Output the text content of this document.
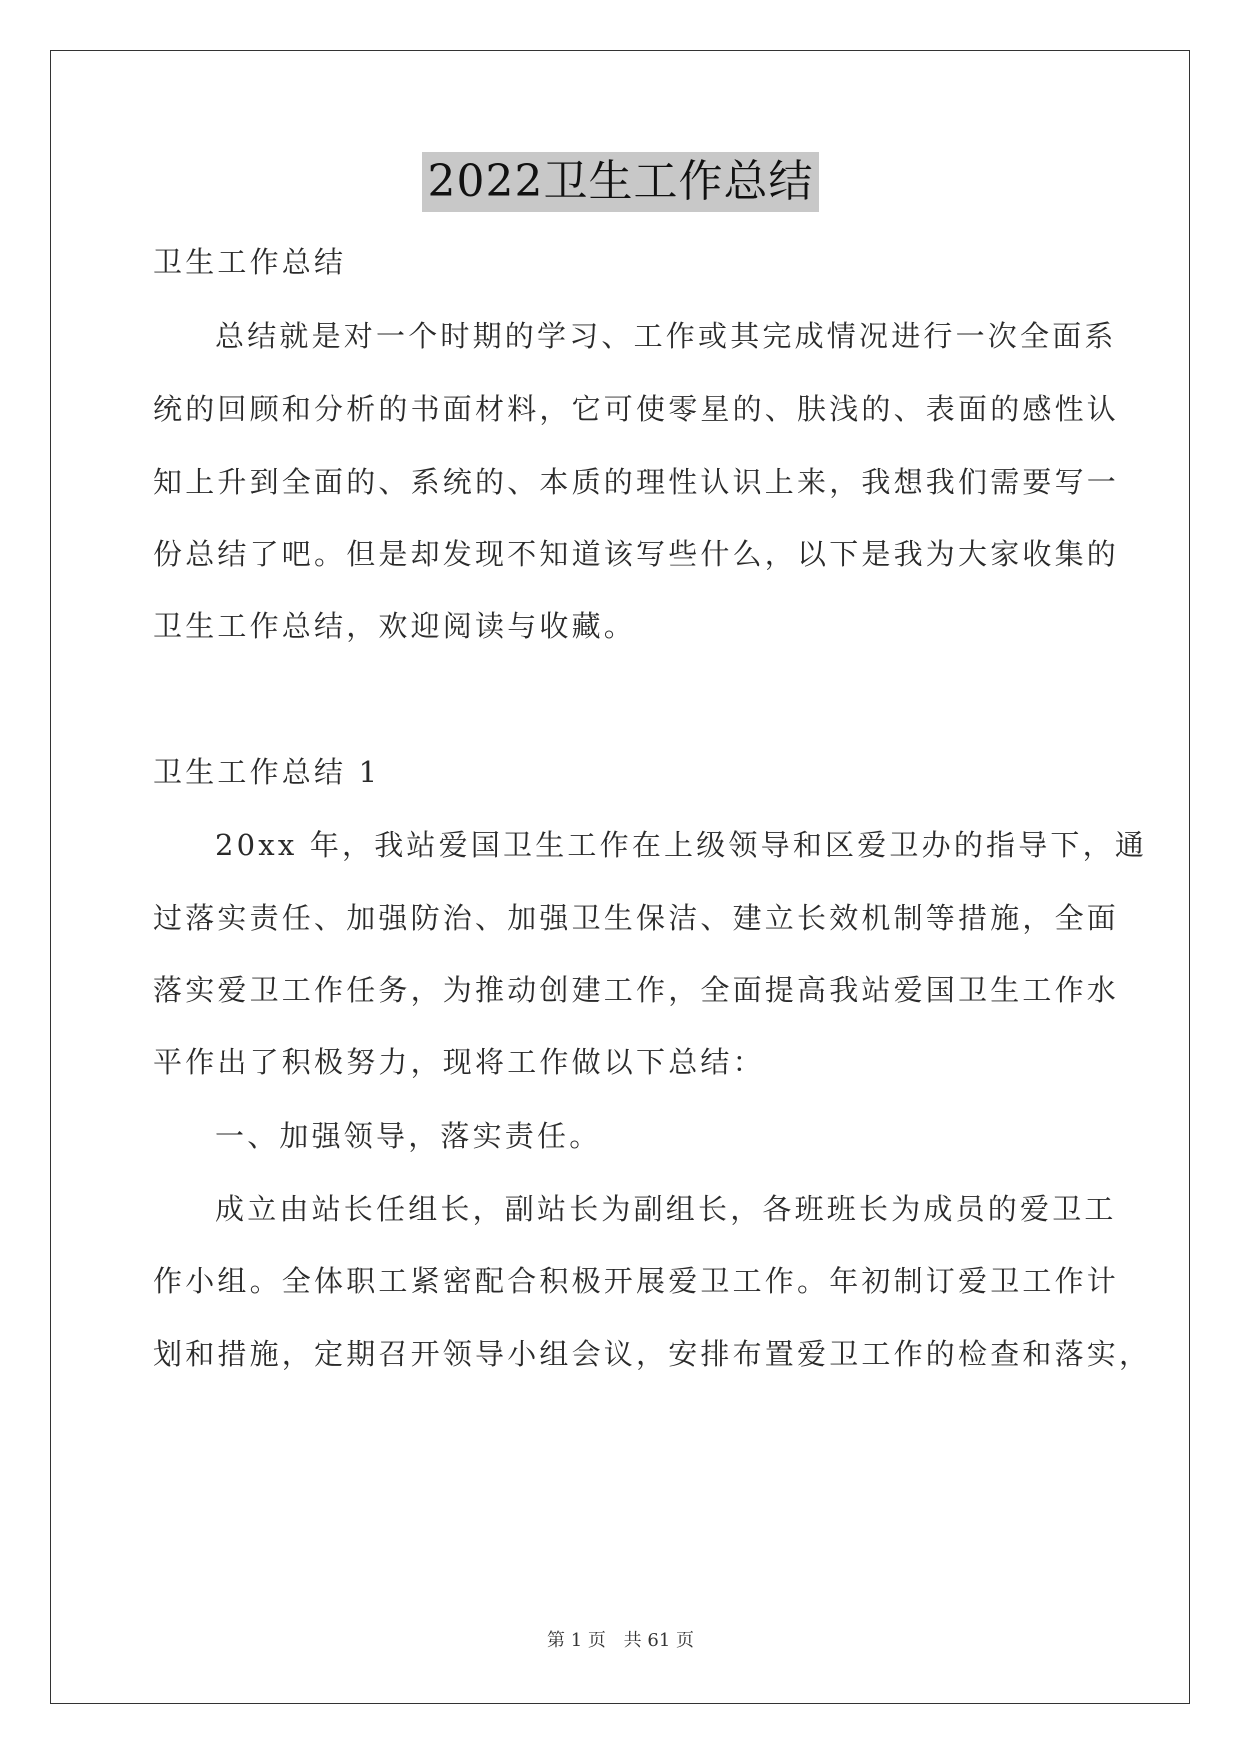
2022卫生工作总结
卫生工作总结
总结就是对一个时期的学习、工作或其完成情况进行一次全面系
统的回顾和分析的书面材料，它可使零星的、肤浅的、表面的感性认
知上升到全面的、系统的、本质的理性认识上来，我想我们需要写一
份总结了吧。但是却发现不知道该写些什么，以下是我为大家收集的
卫生工作总结，欢迎阅读与收藏。
卫生工作总结 1
20xx 年，我站爱国卫生工作在上级领导和区爱卫办的指导下，通
过落实责任、加强防治、加强卫生保洁、建立长效机制等措施，全面
落实爱卫工作任务，为推动创建工作，全面提高我站爱国卫生工作水
平作出了积极努力，现将工作做以下总结：
一、加强领导，落实责任。
成立由站长任组长，副站长为副组长，各班班长为成员的爱卫工
作小组。全体职工紧密配合积极开展爱卫工作。年初制订爱卫工作计
划和措施，定期召开领导小组会议，安排布置爱卫工作的检查和落实，
第 1 页 共 61 页
